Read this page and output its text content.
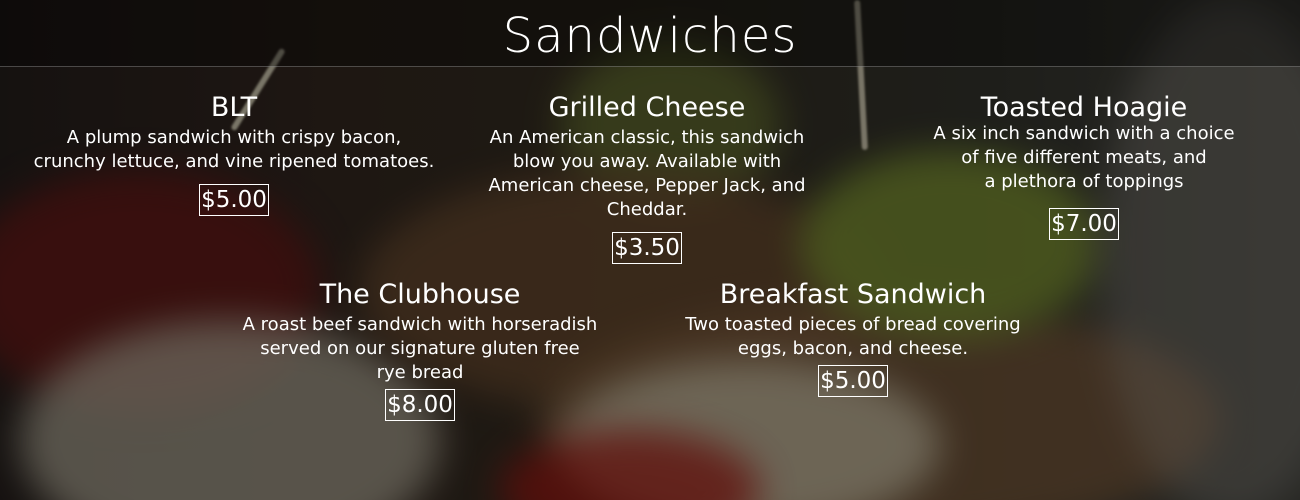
Sandwiches
BLT
A plump sandwich with crispy bacon,
crunchy lettuce, and vine ripened tomatoes.
$5.00
Grilled Cheese
An American classic, this sandwich
blow you away. Available with
American cheese, Pepper Jack, and
Cheddar.
$3.50
Toasted Hoagie
A six inch sandwich with a choice
of five different meats, and
a plethora of toppings
$7.00
The Clubhouse
A roast beef sandwich with horseradish
served on our signature gluten free
rye bread
$8.00
Breakfast Sandwich
Two toasted pieces of bread covering
eggs, bacon, and cheese.
$5.00
